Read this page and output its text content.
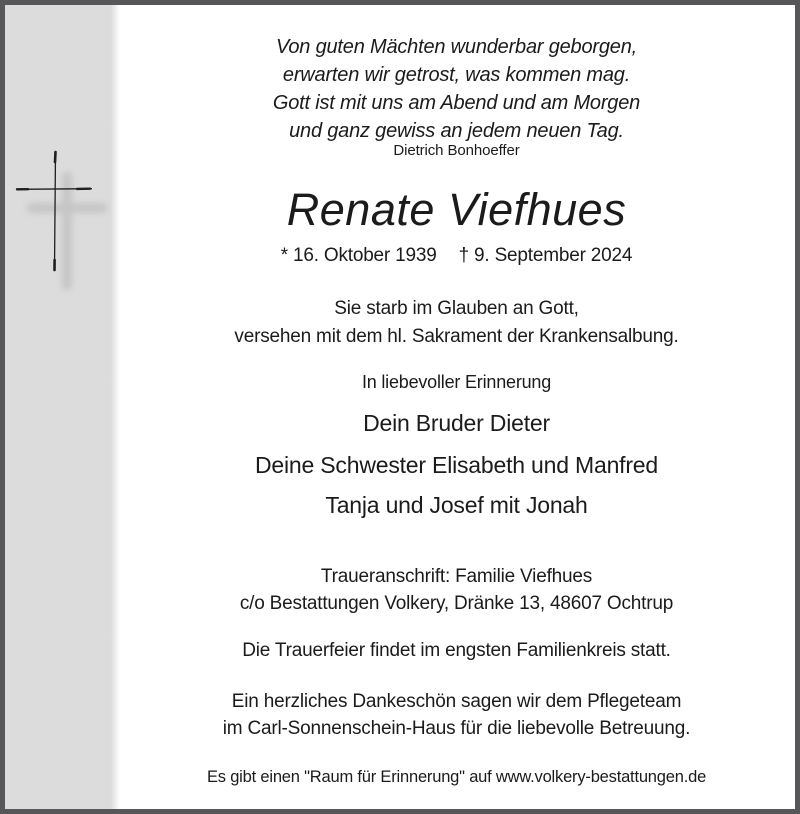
Von guten Mächten wunderbar geborgen,
erwarten wir getrost, was kommen mag.
Gott ist mit uns am Abend und am Morgen
und ganz gewiss an jedem neuen Tag.
Dietrich Bonhoeffer
Renate Viefhues
* 16. Oktober 1939 † 9. September 2024
Sie starb im Glauben an Gott,
versehen mit dem hl. Sakrament der Krankensalbung.
In liebevoller Erinnerung
Dein Bruder Dieter
Deine Schwester Elisabeth und Manfred
Tanja und Josef mit Jonah
Traueranschrift: Familie Viefhues
c/o Bestattungen Volkery, Dränke 13, 48607 Ochtrup
Die Trauerfeier findet im engsten Familienkreis statt.
Ein herzliches Dankeschön sagen wir dem Pflegeteam
im Carl-Sonnenschein-Haus für die liebevolle Betreuung.
Es gibt einen "Raum für Erinnerung" auf www.volkery-bestattungen.de
